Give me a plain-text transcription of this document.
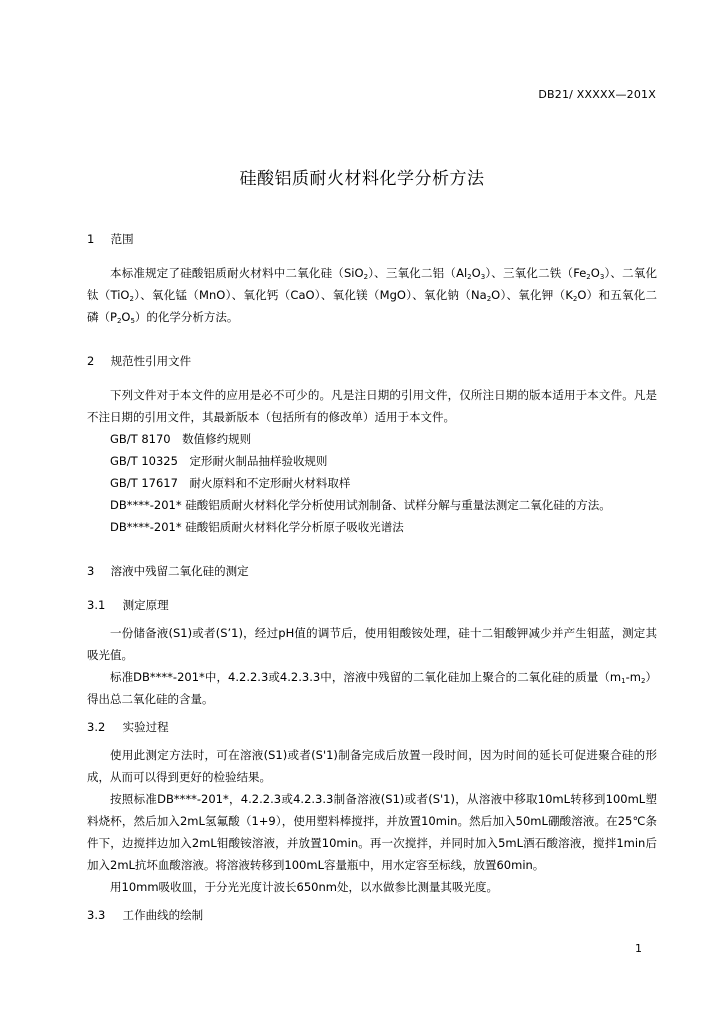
DB21/ XXXXX—201X
硅酸铝质耐火材料化学分析方法
1 范围

本标准规定了硅酸铝质耐火材料中二氧化硅（SiO$_2$）、三氧化二铝$(Al_2O_3)$、三氧化二铁$(Fe_2O_3)$、二氧化钛（TiO$_2$）、氧化锰（MnO）、氧化钙（CaO）、氧化镁（MgO）、氧化钠$(Na_2O)$、氧化钾$(K_2O)$和五氧化二磷$(P_2O_5)$的化学分析方法。

2 规范性引用文件

下列文件对于本文件的应用是必不可少的。凡是注日期的引用文件，仅所注日期的版本适用于本文件。凡是不注日期的引用文件，其最新版本（包括所有的修改单）适用于本文件。

GB/T 8170　数值修约规则

GB/T 10325　定形耐火制品抽样验收规则

GB/T 17617　耐火原料和不定形耐火材料取样

DB****-201* 硅酸铝质耐火材料化学分析使用试剂制备、试样分解与重量法测定二氧化硅的方法。

DB****-201* 硅酸铝质耐火材料化学分析原子吸收光谱法

3 溶液中残留二氧化硅的测定
3.1 测定原理

一份储备液(S1)或者(S’1)，经过pH值的调节后，使用钼酸铵处理，硅十二钼酸钾减少并产生钼蓝，测定其吸光值。

标准DB****-201*中，4.2.2.3或4.2.3.3中，溶液中残留的二氧化硅加上聚合的二氧化硅的质量$(m_1-m_2)$得出总二氧化硅的含量。

3.2 实验过程

使用此测定方法时，可在溶液(S1)或者(S'1)制备完成后放置一段时间，因为时间的延长可促进聚合硅的形成，从而可以得到更好的检验结果。

按照标准DB****-201*，4.2.2.3或4.2.3.3制备溶液(S1)或者(S'1)，从溶液中移取10mL转移到100mL塑料烧杯，然后加入2mL氢氟酸（1+9），使用塑料棒搅拌，并放置10min。然后加入50mL硼酸溶液。在25℃条件下，边搅拌边加入2mL钼酸铵溶液，并放置10min。再一次搅拌，并同时加入5mL酒石酸溶液，搅拌1min后加入2mL抗坏血酸溶液。将溶液转移到100mL容量瓶中，用水定容至标线，放置60min。

用10mm吸收皿，于分光光度计波长650nm处，以水做参比测量其吸光度。

3.3 工作曲线的绘制
1
